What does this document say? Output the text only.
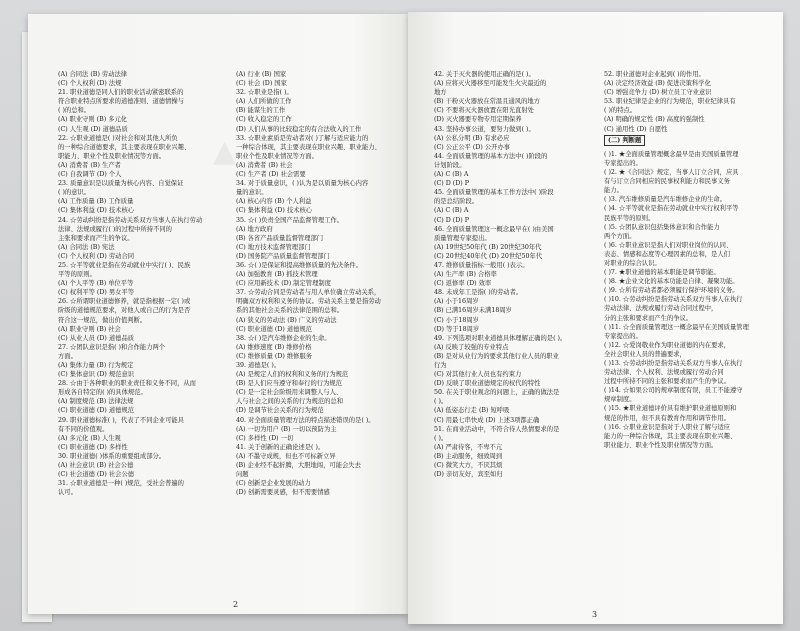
▲
(A) 合同法 (B) 劳动法律
(C) 个人权利 (D) 法规
21. 职业道德是同人们的职业活动紧密联系的
符合职业特点所要求的道德准则、道德情操与
( )的总和。
(A) 职业守则 (B) 多元化
(C) 人生观 (D) 道德品质
22. ☆职业道德是( )对社会和对其他人所负
的一种综合道德要求，其主要表现在职业兴趣、
职能力、职业个性及职业情况等方面。
(A) 消费者 (B) 生产者
(C) 自我调节 (D) 个人
23. 质量意识是以质量为核心内容、自觉保证
( )的意识。
(A) 工作质量 (B) 工作质量
(C) 集体利益 (D) 技术核心
24. ☆劳动纠纷是指劳动关系双方当事人在执行劳动
法律、法规或履行( )的过程中所持不同的
主张和要求而产生的争议。
(A) 合同法 (B) 宪法
(C) 个人权利 (D) 劳动合同
25. ☆平等就业是指在劳动就业中实行( )、民族
平等的原则。
(A) 个人平等 (B) 单位平等
(C) 权利平等 (D) 男女平等
26. ☆所谓职业道德修养，就是指根据一定( )或
阶级的道德规范要求，对他人或自己的行为是否
符合这一规范，做出价值判断。
(A) 职业守则 (B) 社会
(C) 从业人员 (D) 道德品质
27. ☆团队意识是指( )和合作能力两个
方面。
(A) 集体力量 (B) 行为规定
(C) 集体意识 (D) 规范意识
28. ☆由于各种职业的职业责任和义务不同，从而
形成各自特定的( )的具体规范。
(A) 制度规范 (B) 法律法规
(C) 职业道德 (D) 道德规范
29. 职业道德标准( )，代表了不同企业可能具
有不同的价值观。
(A) 多元化 (B) 人生观
(C) 职业道德 (D) 多样性
30. 职业道德( )体系的重要组成部分。
(A) 社会意识 (B) 社会公德
(C) 社会道德 (D) 社会公德
31. ☆职业道德是一种( )规范，受社会普遍的
认可。
(A) 行业 (B) 国家
(C) 社会 (D) 国家
32. ☆职业是指( )。
(A) 人们所做的工作
(B) 能谋生的工作
(C) 收入稳定的工作
(D) 人们从事的比较稳定的有合法收入的工作
33. ☆职业素质是劳动者对( )了解与适应能力的
一种综合体现，其主要表现在职业兴趣、职业能力、
职业个性及职业情况等方面。
(A) 消费者 (B) 社会
(C) 生产者 (D) 社会需要
34. 对于质量意识，( )认为是以质量为核心内容
量的意识。
(A) 核心内容 (B) 个人利益
(C) 集体利益 (D) 技术核心
35. ☆( )负责全国产品监督管理工作。
(A) 地方政府
(B) 各省产品质量监督管理部门
(C) 地方技术监督管理部门
(D) 国务院产品质量监督管理部门
36. ☆( )是保证和提高维修质量的先决条件。
(A) 加强教育 (B) 抓技术管理
(C) 应用新技术 (D) 制定管理制度
37. ☆劳动合同是劳动者与用人单位确立劳动关系，
明确双方权利和义务的协议。劳动关系主要是指劳动
系的其他社会关系的法律范围的总和。
(A) 狭义的劳动法 (B) 广义的劳动法
(C) 职业道德 (D) 道德规范
38. ☆( )是汽车维修企业的生命。
(A) 维修速度 (B) 维修价格
(C) 维修质量 (D) 维修服务
39. 道德是( )。
(A) 是规定人们的权利和义务的行为规范
(B) 是人们应当遵守和奉行的行为规范
(C) 是一定社会阶级用来调整人与人、
人与社会之间的关系的行为规范的总和
(D) 是调节社会关系的行为规范
40. 对全面质量管理方法的特点描述错误的是( )。
(A) 一切为用户 (B) 一切以预防为主
(C) 多样性 (D) 一切
41. 关于创新的正确论述是( )。
(A) 不墨守成规，但也不可标新立异
(B) 企业经不起折腾，大胆地闯，可能会失去
问题
(C) 创新是企业发展的动力
(D) 创新需要灵感，但不需要情感
2
42. 关于灭火器的使用正确的是( )。
(A) 应将灭火器移至可能发生火灾最近的
地方
(B) 干粉灭火器放在常温且通风的地方
(C) 不要将灭火器放置在阳光直射处
(D) 灭火器要专物专用定期保养
43. 坚持办事公道，要努力做到( )。
(A) 公私分明 (B) 有求必应
(C) 公正公平 (D) 公开办事
44. 全面质量管理的基本方法中( )阶段的
计划阶段。
(A) C (B) A
(C) D (D) P
45. 全面质量管理的基本工作方法中( )阶段
的是总结阶段。
(A) C (B) A
(C) D (D) P
46. 全面质量管理这一概念最早在( )由美国
质量管理专家提出。
(A) 19世纪50年代 (B) 20世纪30年代
(C) 20世纪40年代 (D) 20世纪50年代
47. 维修质量指标一般用( )表示。
(A) 生产率 (B) 合格率
(C) 返修率 (D) 效率
48. 未成年工是指( )的劳动者。
(A) 小于16周岁
(B) 已满16周岁未满18周岁
(C) 小于18周岁
(D) 等于18周岁
49. 下列选项对职业道德具体理解正确的是( )。
(A) 反映了较强的专业特点
(B) 是对从业行为的要求其他行业人员的职业
行为
(C) 对其他行业人员也有约束力
(D) 反映了职业道德规定的权代的特性
50. 在关于职业观念的问题上，正确的做法是
( )。
(A) 低姿态行走 (B) 短呼吸
(C) 用最七串快成 (D) 上述3项都正确
51. 在商业活动中，不符合待人热情要求的是
( )。
(A) 严肃待客，不卑不亢
(B) 主动服务，细致周到
(C) 微笑大方，不厌其烦
(D) 亲切友好，宾至如归
52. 职业道德对企业起到( )的作用。
(A) 决定经济效益 (B) 促进决策科学化
(C) 增强竞争力 (D) 树立员工守业意识
53. 职业纪律是企业的行为规范，职业纪律具有
( )的特点。
(A) 明确的规定性 (B) 高度的强制性
(C) 通用性 (D) 自愿性
(二) 判断题
( )1. ★全面质量管理概念最早是由美国质量管理
专家提出的。
( )2. ★《合同法》规定，当事人订立合同，应具
有与订立合同相应的民事权利能力和民事义务
能力。
( )3. 汽车维修质量是汽车维修企业的生命。
( )4. ☆平等就业是指在劳动就业中实行权利平等
民族平等的原则。
( )5. ☆团队意识包括集体意识和合作能力
两个方面。
( )6. ☆职业意识是指人们对职业岗位的认同、
表态、情感和态度等心理因素的总和，是人们
对职业的综合认识。
( )7. ★职业道德的基本职能是调节职能。
( )8. ★企业文化的基本功能是自律、凝聚功能。
( )9. ☆所有劳动者都必须履行保护环境的义务。
( )10. ☆劳动纠纷是指劳动关系双方当事人在执行
劳动法律、法规或履行劳动合同过程中，
分的主张和要求而产生的争议。
( )11. ☆全面质量管理这一概念最早在美国质量管理
专家提出的。
( )12. ☆爱岗敬业作为职业道德的内在要求，
全社会职业人员的普遍要求，
( )13. ☆劳动纠纷是指劳动关系双方当事人在执行
劳动法律、个人权利、法规或履行劳动合同
过程中所持不同的主张和要求而产生的争议。
( )14. ☆如果公司的规章制度有误，员工不能遵守
规章制度。
( )15. ★职业道德评价具有维护职业道德原则和
规范的作用，但不具有教育作用和调节作用。
( )16. ☆职业意识是指对于人职业了解与适应
能力的一种综合体现，其主要表现在职业兴趣、
职业能力、职业个性及职业情况等方面。
3
